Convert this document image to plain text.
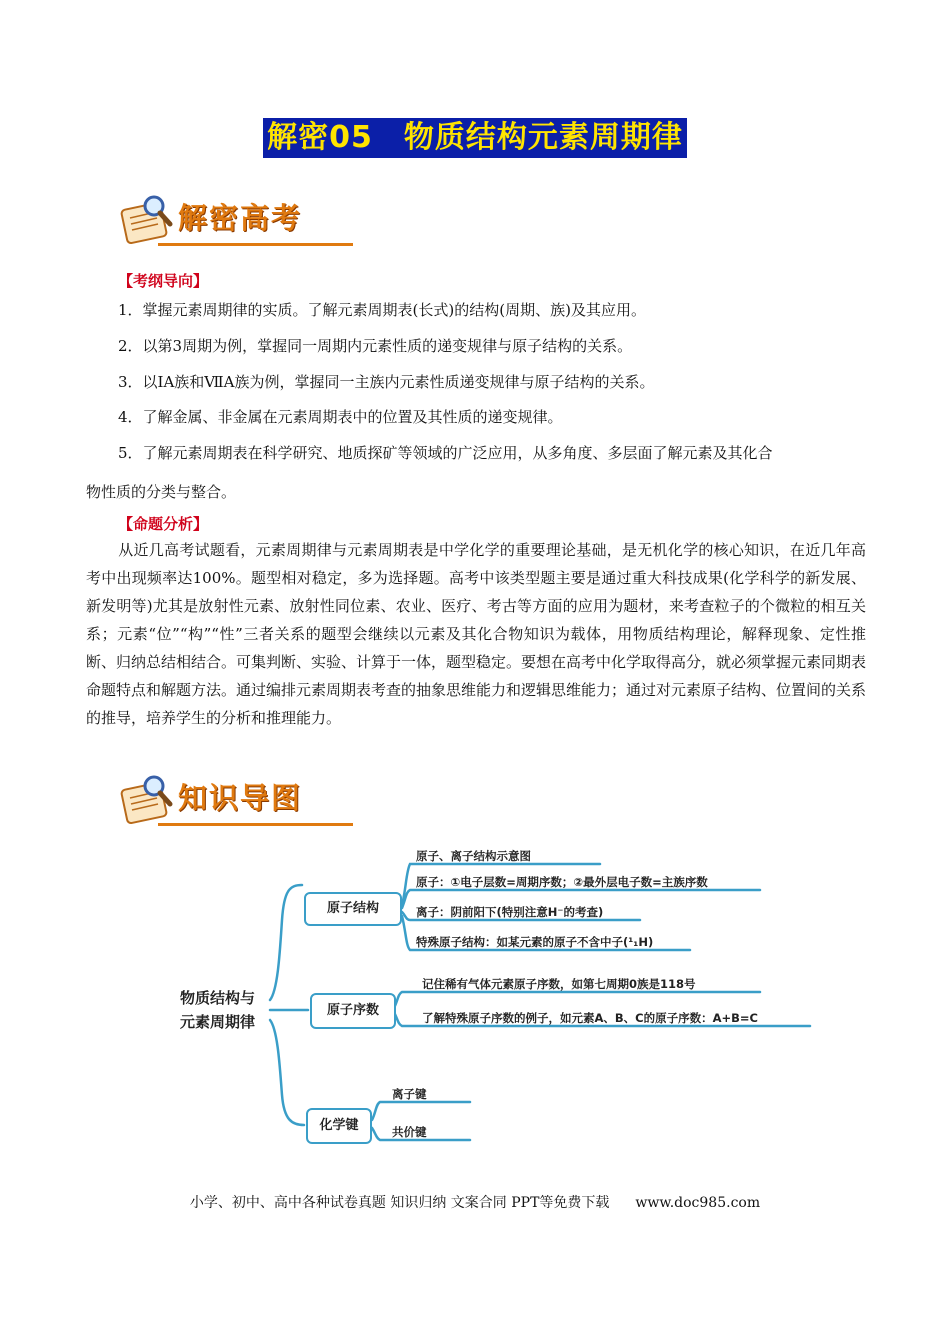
解密05　物质结构元素周期律
解密高考
【考纲导向】
1．掌握元素周期律的实质。了解元素周期表(长式)的结构(周期、族)及其应用。
2．以第3周期为例，掌握同一周期内元素性质的递变规律与原子结构的关系。
3．以ⅠA族和ⅦA族为例，掌握同一主族内元素性质递变规律与原子结构的关系。
4．了解金属、非金属在元素周期表中的位置及其性质的递变规律。
5．了解元素周期表在科学研究、地质探矿等领域的广泛应用，从多角度、多层面了解元素及其化合
物性质的分类与整合。
【命题分析】
从近几高考试题看，元素周期律与元素周期表是中学化学的重要理论基础，是无机化学的核心知识，在近几年高考中出现频率达100%。题型相对稳定，多为选择题。高考中该类型题主要是通过重大科技成果(化学科学的新发展、新发明等)尤其是放射性元素、放射性同位素、农业、医疗、考古等方面的应用为题材，来考查粒子的个微粒的相互关系；元素“位”“构”“性”三者关系的题型会继续以元素及其化合物知识为载体，用物质结构理论，解释现象、定性推断、归纳总结相结合。可集判断、实验、计算于一体，题型稳定。要想在高考中化学取得高分，就必须掌握元素同期表命题特点和解题方法。通过编排元素周期表考查的抽象思维能力和逻辑思维能力；通过对元素原子结构、位置间的关系的推导，培养学生的分析和推理能力。
知识导图
物质结构与
元素周期律
原子结构
原子序数
化学键
原子、离子结构示意图
原子：①电子层数=周期序数；②最外层电子数=主族序数
离子：阴前阳下(特别注意H⁻的考查)
特殊原子结构：如某元素的原子不含中子(¹₁H)
记住稀有气体元素原子序数，如第七周期0族是118号
了解特殊原子序数的例子，如元素A、B、C的原子序数：A+B=C
离子键
共价键
小学、初中、高中各种试卷真题 知识归纳 文案合同 PPT等免费下载 www.doc985.com
